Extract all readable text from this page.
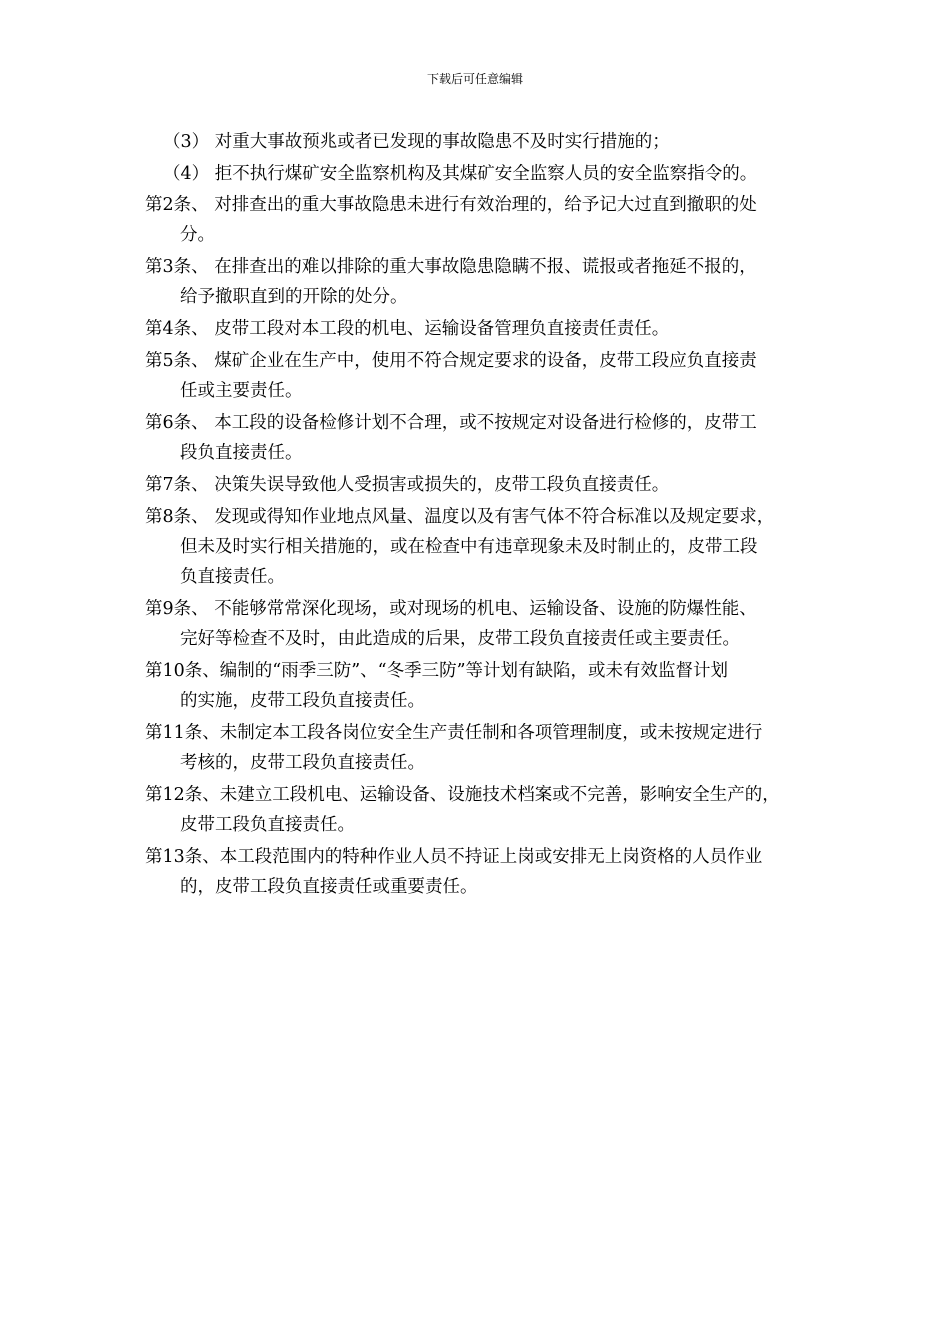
下载后可任意编辑
（3） 对重大事故预兆或者已发现的事故隐患不及时实行措施的；
（4） 拒不执行煤矿安全监察机构及其煤矿安全监察人员的安全监察指令的。
第2条、 对排查出的重大事故隐患未进行有效治理的，给予记大过直到撤职的处
分。
第3条、 在排查出的难以排除的重大事故隐患隐瞒不报、谎报或者拖延不报的，
给予撤职直到的开除的处分。
第4条、 皮带工段对本工段的机电、运输设备管理负直接责任责任。
第5条、 煤矿企业在生产中，使用不符合规定要求的设备，皮带工段应负直接责
任或主要责任。
第6条、 本工段的设备检修计划不合理，或不按规定对设备进行检修的，皮带工
段负直接责任。
第7条、 决策失误导致他人受损害或损失的，皮带工段负直接责任。
第8条、 发现或得知作业地点风量、温度以及有害气体不符合标准以及规定要求，
但未及时实行相关措施的，或在检查中有违章现象未及时制止的，皮带工段
负直接责任。
第9条、 不能够常常深化现场，或对现场的机电、运输设备、设施的防爆性能、
完好等检查不及时，由此造成的后果，皮带工段负直接责任或主要责任。
第10条、编制的“雨季三防”、“冬季三防”等计划有缺陷，或未有效监督计划
的实施，皮带工段负直接责任。
第11条、未制定本工段各岗位安全生产责任制和各项管理制度，或未按规定进行
考核的，皮带工段负直接责任。
第12条、未建立工段机电、运输设备、设施技术档案或不完善，影响安全生产的，
皮带工段负直接责任。
第13条、本工段范围内的特种作业人员不持证上岗或安排无上岗资格的人员作业
的，皮带工段负直接责任或重要责任。
